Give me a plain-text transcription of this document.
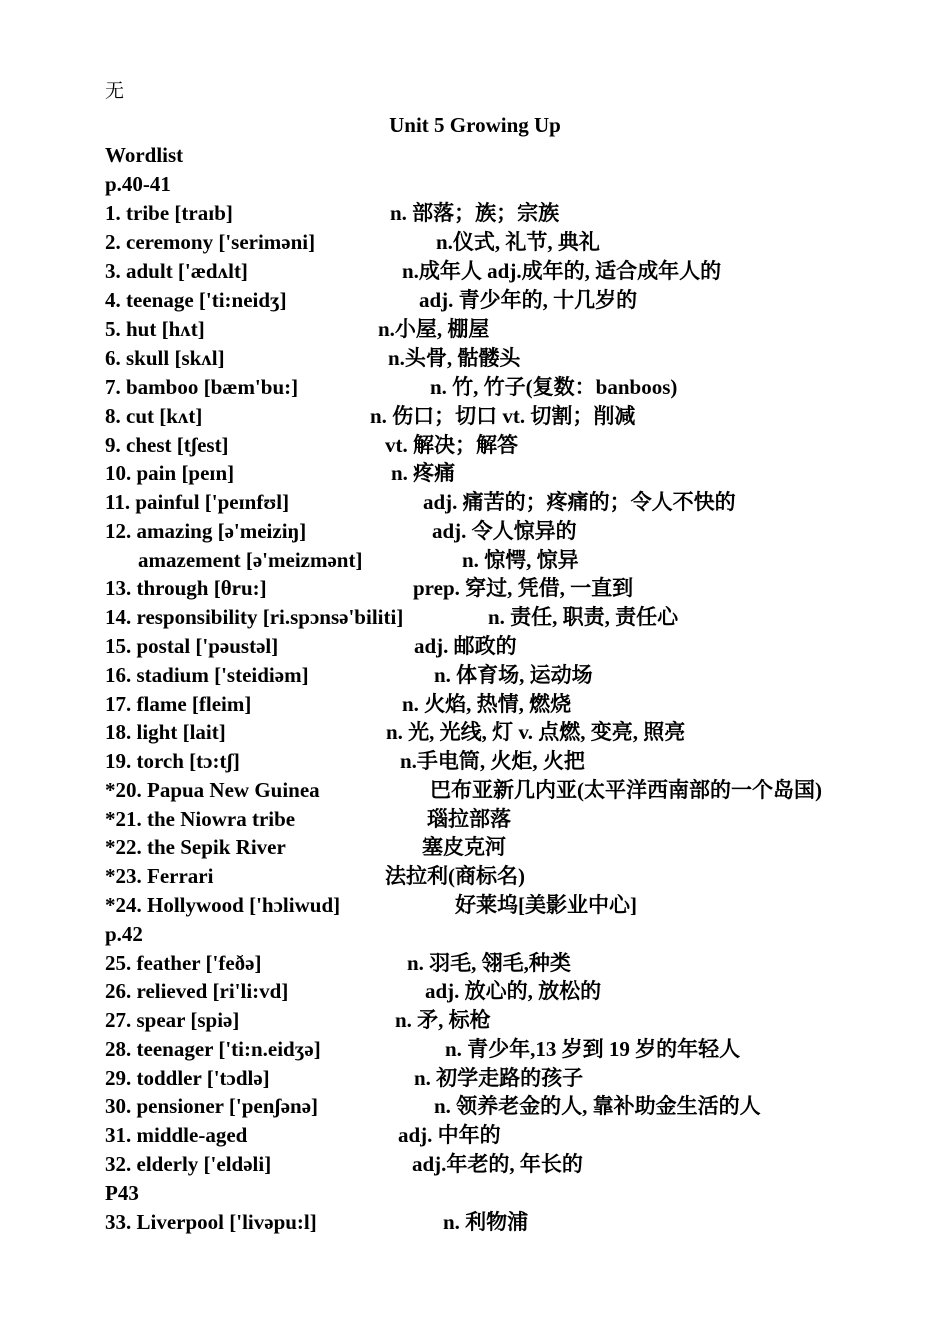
无
Unit 5 Growing Up
Wordlist
p.40-41
1. tribe [traɪb]	n. 部落；族；宗族
2. ceremony ['seriməni]	n.仪式, 礼节, 典礼
3. adult ['ædʌlt]	n.成年人 adj.成年的, 适合成年人的
4. teenage ['ti:neidʒ]	adj. 青少年的, 十几岁的
5. hut [hʌt]	n.小屋, 棚屋
6. skull [skʌl]	n.头骨, 骷髅头
7. bamboo [bæm'bu:]	n. 竹, 竹子(复数：banboos)
8. cut [kʌt]	n. 伤口；切口 vt. 切割；削减
9. chest [tʃest]	vt. 解决；解答
10. pain [peɪn]	n. 疼痛
11. painful ['peɪnfʊl]	adj. 痛苦的；疼痛的；令人不快的
12. amazing [ə'meiziŋ]	adj. 令人惊异的
amazement [ə'meizmənt]	n. 惊愕, 惊异
13. through [θru:]	prep. 穿过, 凭借, 一直到
14. responsibility [ri.spɔnsə'biliti]	n. 责任, 职责, 责任心
15. postal ['pəustəl]	adj. 邮政的
16. stadium ['steidiəm]	n. 体育场, 运动场
17. flame [fleim]	n. 火焰, 热情, 燃烧
18. light [lait]	n. 光, 光线, 灯 v. 点燃, 变亮, 照亮
19. torch [tɔ:tʃ]	n.手电筒, 火炬, 火把
*20. Papua New Guinea	巴布亚新几内亚(太平洋西南部的一个岛国)
*21. the Niowra tribe	瑙拉部落
*22. the Sepik River	塞皮克河
*23. Ferrari	法拉利(商标名)
*24. Hollywood ['hɔliwud]	好莱坞[美影业中心]
p.42
25. feather ['feðə]	n. 羽毛, 翎毛,种类
26. relieved [ri'li:vd]	adj. 放心的, 放松的
27. spear [spiə]	n. 矛, 标枪
28. teenager ['ti:n.eidʒə]	n. 青少年,13 岁到 19 岁的年轻人
29. toddler ['tɔdlə]	n. 初学走路的孩子
30. pensioner ['penʃənə]	n. 领养老金的人, 靠补助金生活的人
31. middle-aged	adj. 中年的
32. elderly ['eldəli]	adj.年老的, 年长的
P43
33. Liverpool ['livəpu:l]	n. 利物浦
